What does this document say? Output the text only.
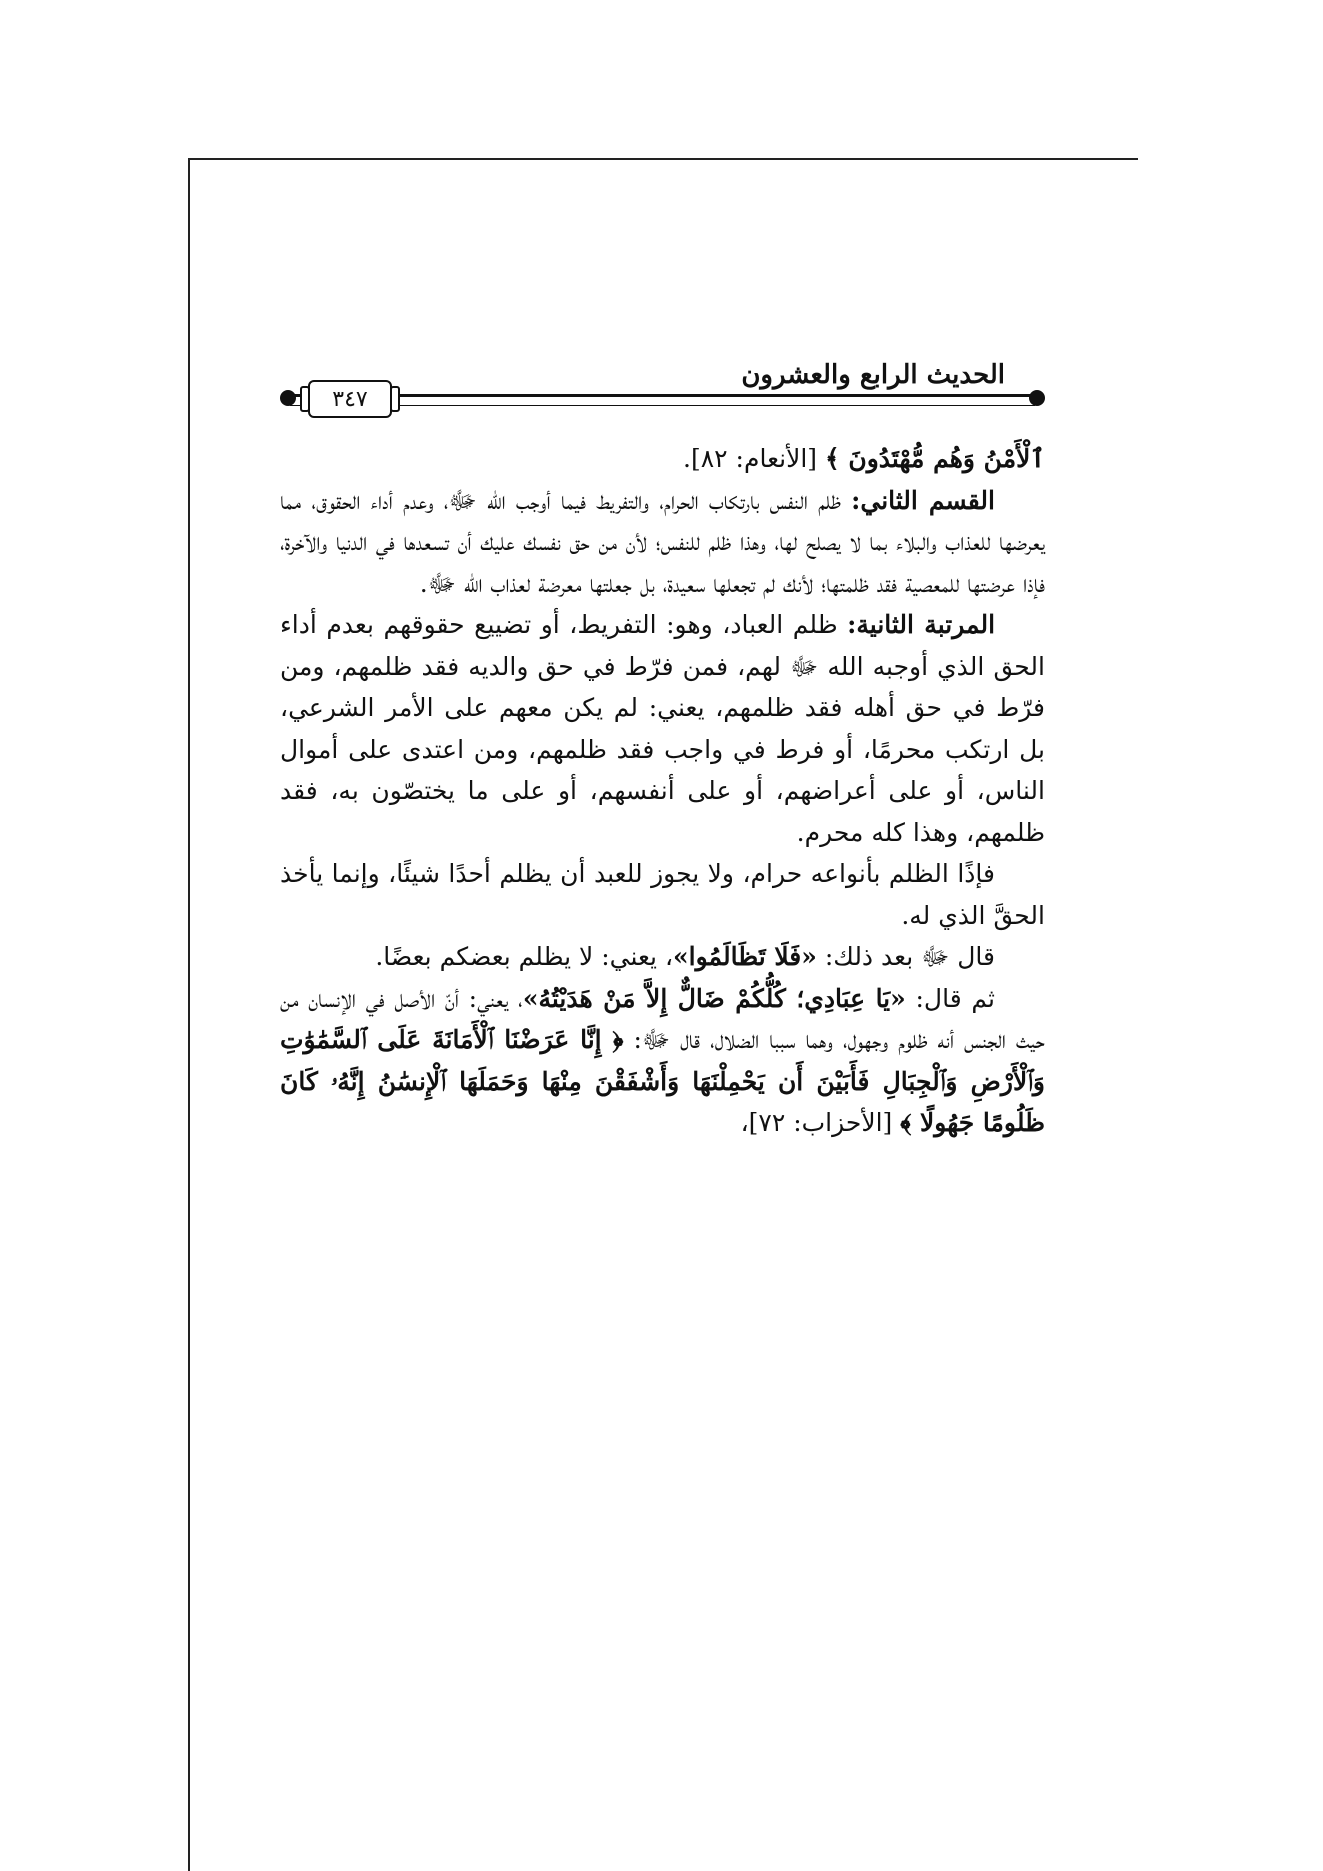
الحديث الرابع والعشرون
٣٤٧

ٱلْأَمْنُ وَهُم مُّهْتَدُونَ ﴾ [الأنعام: ٨٢].

القسم الثاني: ظلم النفس بارتكاب الحرام، والتفريط فيما أوجب الله ﷻ، وعدم أداء الحقوق، مما يعرضها للعذاب والبلاء بما لا يصلح لها، وهذا ظلم للنفس؛ لأن من حق نفسك عليك أن تسعدها في الدنيا والآخرة، فإذا عرضتها للمعصية فقد ظلمتها؛ لأنك لم تجعلها سعيدة، بل جعلتها معرضة لعذاب الله ﷻ.

المرتبة الثانية: ظلم العباد، وهو: التفريط، أو تضييع حقوقهم بعدم أداء الحق الذي أوجبه الله ﷻ لهم، فمن فرّط في حق والديه فقد ظلمهم، ومن فرّط في حق أهله فقد ظلمهم، يعني: لم يكن معهم على الأمر الشرعي، بل ارتكب محرمًا، أو فرط في واجب فقد ظلمهم، ومن اعتدى على أموال الناس، أو على أعراضهم، أو على أنفسهم، أو على ما يختصّون به، فقد ظلمهم، وهذا كله محرم.

فإذًا الظلم بأنواعه حرام، ولا يجوز للعبد أن يظلم أحدًا شيئًا، وإنما يأخذ الحقَّ الذي له.

قال ﷻ بعد ذلك: «فَلَا تَظَالَمُوا»، يعني: لا يظلم بعضكم بعضًا.

ثم قال: «يَا عِبَادِي؛ كُلُّكُمْ ضَالٌّ إِلاَّ مَنْ هَدَيْتُهُ»، يعني: أنّ الأصل في الإنسان من حيث الجنس أنه ظلوم وجهول، وهما سببا الضلال، قال ﷻ: ﴿ إِنَّا عَرَضْنَا ٱلْأَمَانَةَ عَلَى ٱلسَّمَٰوَٰتِ وَٱلْأَرْضِ وَٱلْجِبَالِ فَأَبَيْنَ أَن يَحْمِلْنَهَا وَأَشْفَقْنَ مِنْهَا وَحَمَلَهَا ٱلْإِنسَٰنُ إِنَّهُۥ كَانَ ظَلُومًا جَهُولًا ﴾ [الأحزاب: ٧٢]،
